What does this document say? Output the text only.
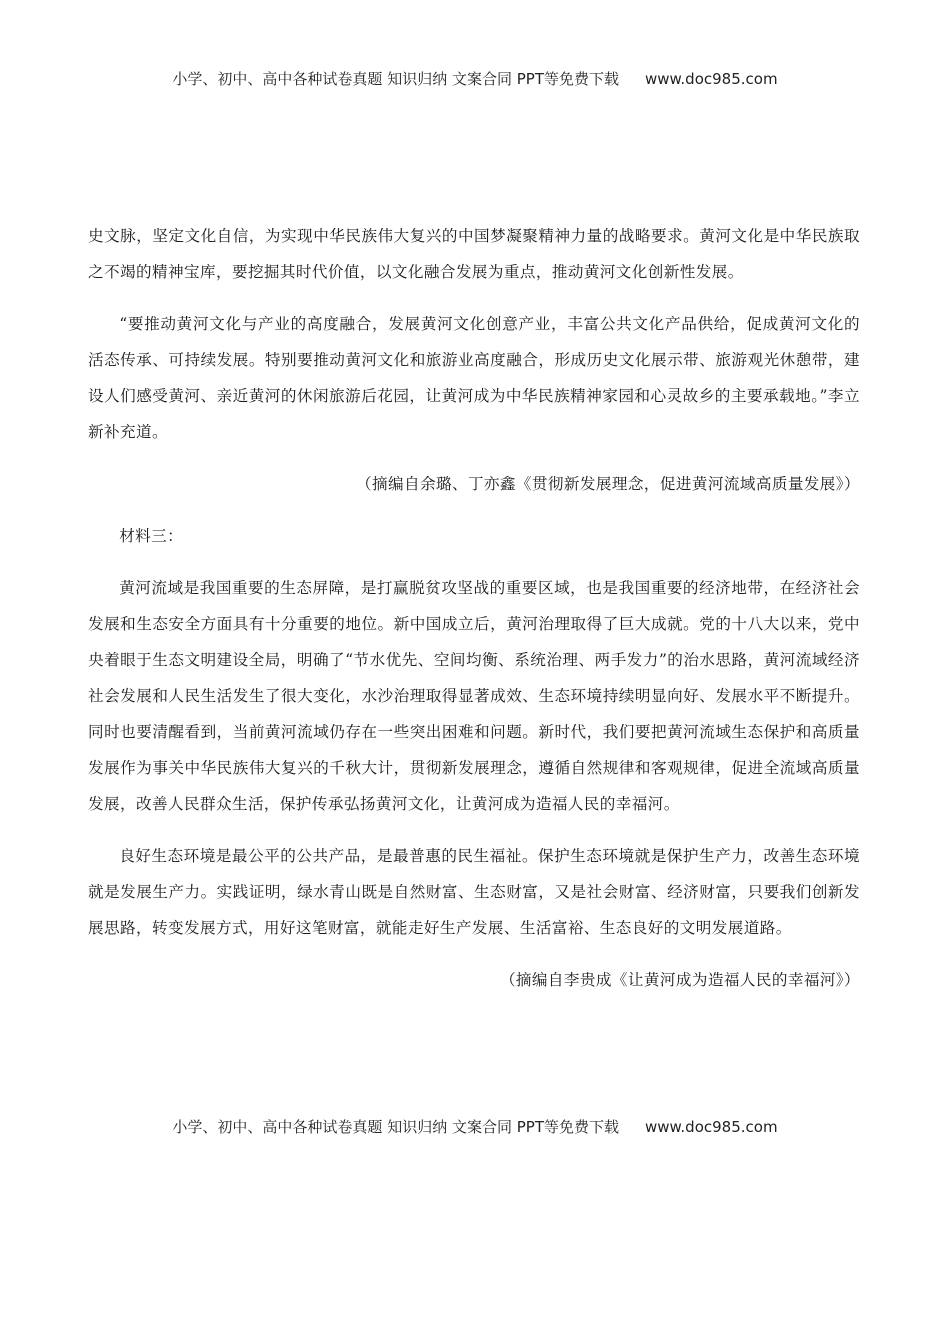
小学、初中、高中各种试卷真题 知识归纳 文案合同 PPT等免费下载 www.doc985.com

史文脉，坚定文化自信，为实现中华民族伟大复兴的中国梦凝聚精神力量的战略要求。黄河文化是中华民族取之不竭的精神宝库，要挖掘其时代价值，以文化融合发展为重点，推动黄河文化创新性发展。

“要推动黄河文化与产业的高度融合，发展黄河文化创意产业，丰富公共文化产品供给，促成黄河文化的活态传承、可持续发展。特别要推动黄河文化和旅游业高度融合，形成历史文化展示带、旅游观光休憩带，建设人们感受黄河、亲近黄河的休闲旅游后花园，让黄河成为中华民族精神家园和心灵故乡的主要承载地。”李立新补充道。

（摘编自余璐、丁亦鑫《贯彻新发展理念，促进黄河流域高质量发展》）

材料三：

黄河流域是我国重要的生态屏障，是打赢脱贫攻坚战的重要区域，也是我国重要的经济地带，在经济社会发展和生态安全方面具有十分重要的地位。新中国成立后，黄河治理取得了巨大成就。党的十八大以来，党中央着眼于生态文明建设全局，明确了“节水优先、空间均衡、系统治理、两手发力”的治水思路，黄河流域经济社会发展和人民生活发生了很大变化，水沙治理取得显著成效、生态环境持续明显向好、发展水平不断提升。同时也要清醒看到，当前黄河流域仍存在一些突出困难和问题。新时代，我们要把黄河流域生态保护和高质量发展作为事关中华民族伟大复兴的千秋大计，贯彻新发展理念，遵循自然规律和客观规律，促进全流域高质量发展，改善人民群众生活，保护传承弘扬黄河文化，让黄河成为造福人民的幸福河。

良好生态环境是最公平的公共产品，是最普惠的民生福祉。保护生态环境就是保护生产力，改善生态环境就是发展生产力。实践证明，绿水青山既是自然财富、生态财富，又是社会财富、经济财富，只要我们创新发展思路，转变发展方式，用好这笔财富，就能走好生产发展、生活富裕、生态良好的文明发展道路。

（摘编自李贵成《让黄河成为造福人民的幸福河》）

小学、初中、高中各种试卷真题 知识归纳 文案合同 PPT等免费下载 www.doc985.com
